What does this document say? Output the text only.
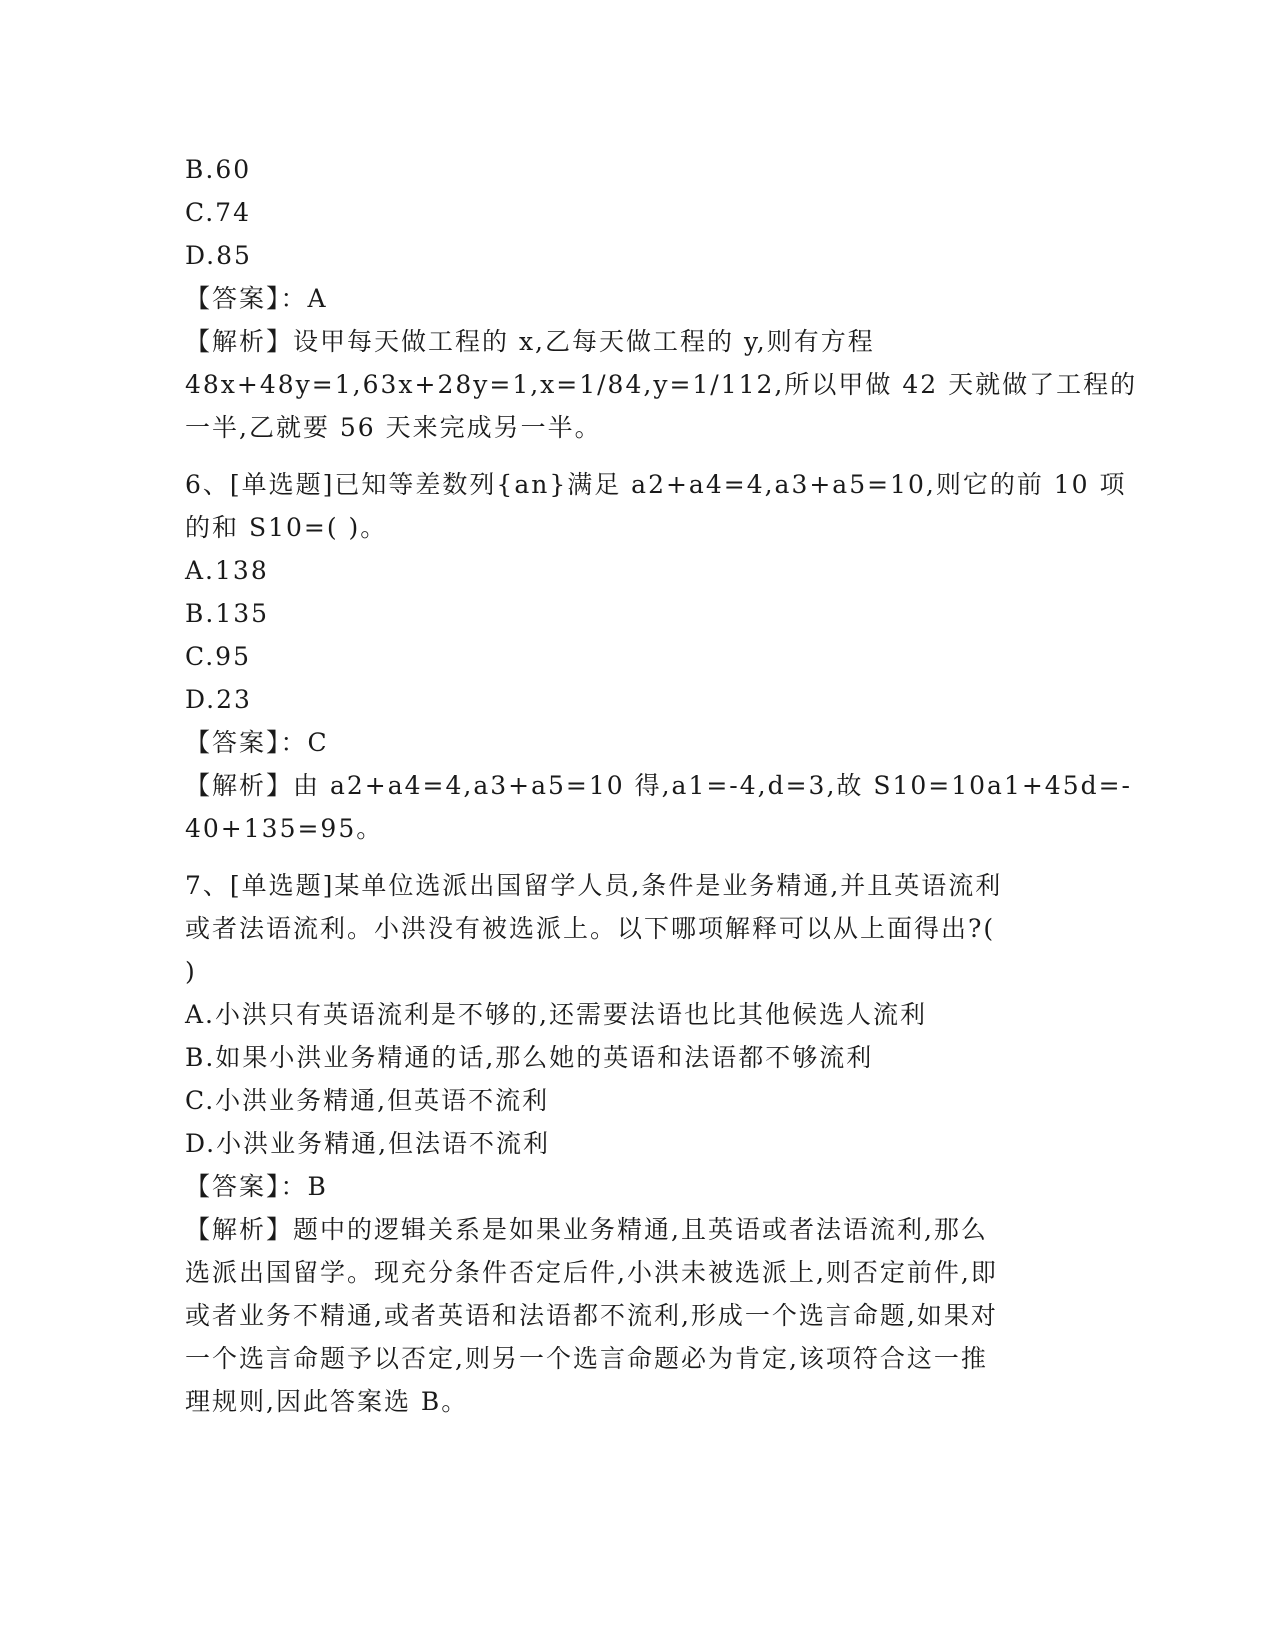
B.60
C.74
D.85
【答案】：A
【解析】设甲每天做工程的 x,乙每天做工程的 y,则有方程
48x+48y=1,63x+28y=1,x=1/84,y=1/112,所以甲做 42 天就做了工程的
一半,乙就要 56 天来完成另一半。
6、[单选题]已知等差数列{an}满足 a2+a4=4,a3+a5=10,则它的前 10 项
的和 S10=( )。
A.138
B.135
C.95
D.23
【答案】：C
【解析】由 a2+a4=4,a3+a5=10 得,a1=-4,d=3,故 S10=10a1+45d=-
40+135=95。
7、[单选题]某单位选派出国留学人员,条件是业务精通,并且英语流利
或者法语流利。小洪没有被选派上。以下哪项解释可以从上面得出?(
)
A.小洪只有英语流利是不够的,还需要法语也比其他候选人流利
B.如果小洪业务精通的话,那么她的英语和法语都不够流利
C.小洪业务精通,但英语不流利
D.小洪业务精通,但法语不流利
【答案】：B
【解析】题中的逻辑关系是如果业务精通,且英语或者法语流利,那么
选派出国留学。现充分条件否定后件,小洪未被选派上,则否定前件,即
或者业务不精通,或者英语和法语都不流利,形成一个选言命题,如果对
一个选言命题予以否定,则另一个选言命题必为肯定,该项符合这一推
理规则,因此答案选 B。
